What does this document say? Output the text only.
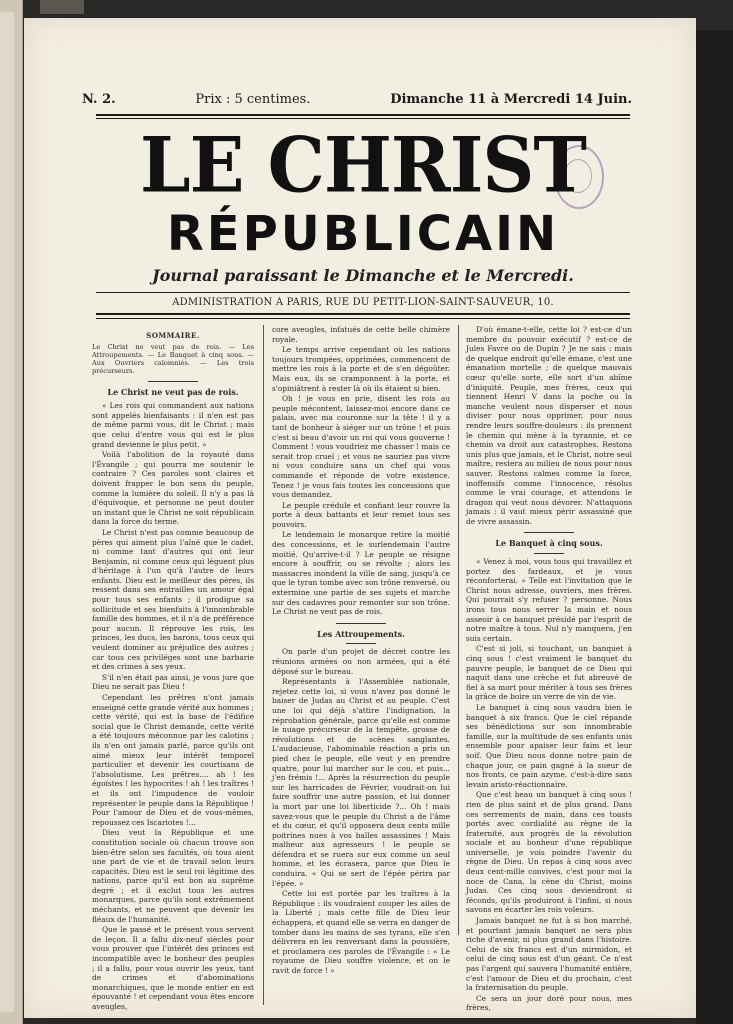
N. 2.	Prix : 5 centimes.	Dimanche 11 à Mercredi 14 Juin.
LE CHRIST
RÉPUBLICAIN
Journal paraissant le Dimanche et le Mercredi.
ADMINISTRATION A PARIS, RUE DU PETIT-LION-SAINT-SAUVEUR, 10.
SOMMAIRE.

Le Christ ne veut pas de rois. — Les Attroupements. — Le Banquet à cinq sous. — Aux Ouvriers calomniés. — Les trois précurseurs.

Le Christ ne veut pas de rois.

« Les rois qui commandent aux nations sont appelés bienfaisants : il n'en est pas de même parmi vous, dit le Christ ; mais que celui d'entre vous qui est le plus grand devienne le plus petit. »

Voilà l'abolition de la royauté dans l'Évangile ; qui pourra me soutenir le contraire ? Ces paroles sont claires et doivent frapper le bon sens du peuple, comme la lumière du soleil. Il n'y a pas là d'équivoque, et personne ne peut douter un instant que le Christ ne soit républicain dans la force du terme.

Le Christ n'est pas comme beaucoup de pères qui aiment plus l'aîné que le cadet, ni comme tant d'autres qui ont leur Benjamin, ni comme ceux qui lèguent plus d'héritage à l'un qu'à l'autre de leurs enfants. Dieu est le meilleur des pères, ils ressent dans ses entrailles un amour égal pour tous ses enfants ; il prodigue sa sollicitude et ses bienfaits à l'innombrable famille des hommes, et il n'a de préférence pour aucun. Il réprouve les rois, les princes, les ducs, les barons, tous ceux qui veulent dominer au préjudice des autres ; car tous ces priviléges sont une barbarie et des crimes à ses yeux.

S'il n'en était pas ainsi, je vous jure que Dieu ne serait pas Dieu !

Cependant les prêtres n'ont jamais enseigné cette grande vérité aux hommes ; cette vérité, qui est la base de l'édifice social que le Christ demande, cette vérité a été toujours méconnue par les calotins ; ils n'en ont jamais parlé, parce qu'ils ont aimé mieux leur intérêt temporel particulier et devenir les courtisans de l'absolutisme. Les prêtres.... ah ! les égoïstes ! les hypocrites ! ah ! les traîtres ! et ils ont l'impudence de vouloir représenter le peuple dans la République ! Pour l'amour de Dieu et de vous-mêmes, repoussez ces Iscariotes !...

Dieu veut la République et une constitution sociale où chacun trouve son bien-être selon ses facultés, où tous aient une part de vie et de travail selon leurs capacités. Dieu est le seul roi légitime des nations, parce qu'il est bon au suprême degré ; et il exclut tous les autres monarques, parce qu'ils sont extrêmement méchants, et ne peuvent que devenir les fléaux de l'humanité.

Que le passé et le présent vous servent de leçon. Il a fallu dix-neuf siècles pour vous prouver que l'intérêt des princes est incompatible avec le bonheur des peuples ; il a fallu, pour vous ouvrir les yeux, tant de crimes et d'abominations monarchiques, que le monde entier en est épouvanté ! et cependant vous êtes encore aveugles,

core aveugles, infatués de cette belle chimère royale.

Le temps arrive cependant où les nations toujours trompées, opprimées, commencent de mettre les rois à la porte et de s'en dégoûter. Mais eux, ils se cramponnent à la porte, et s'opiniâtrent à rester là où ils étaient si bien.

Oh ! je vous en prie, disent les rois au peuple mécontent, laissez-moi encore dans ce palais, avec ma couronne sur la tête ! il y a tant de bonheur à siéger sur un trône ! et puis c'est si beau d'avoir un roi qui vous gouverne ! Comment ! vous voudriez me chasser ! mais ce serait trop cruel ; et vous ne sauriez pas vivre ni vous conduire sans un chef qui vous commande et réponde de votre existence. Tenez ! je vous fais toutes les concessions que vous demandez.

Le peuple crédule et confiant leur rouvre la porte à deux battants et leur remet tous ses pouvoirs.

Le lendemain le monarque retire la moitié des concessions, et le surlendemain l'autre moitié. Qu'arrive-t-il ? Le peuple se résigne encore à souffrir, ou se révolte ; alors les massacres inondent la ville de sang, jusqu'à ce que le tyran tombe avec son trône renversé, ou extermine une partie de ses sujets et marche sur des cadavres pour remonter sur son trône. Le Christ ne veut pas de rois.

Les Attroupements.

On parle d'un projet de décret contre les réunions armées ou non armées, qui a été déposé sur le bureau.

Représentants à l'Assemblée nationale, rejetez cette loi, si vous n'avez pas donné le baiser de Judas au Christ et au peuple. C'est une loi qui déjà s'attire l'indignation, la réprobation générale, parce qu'elle est comme le nuage précurseur de la tempête, grosse de révolutions et de scènes sanglantes. L'audacieuse, l'abominable réaction a pris un pied chez le peuple, elle veut y en prendre quatre, pour lui marcher sur le cou, et puis... j'en frémis !... Après la résurrection du peuple sur les barricades de Février, voudrait-on lui faire souffrir une autre passion, et lui donner la mort par une loi liberticide ?... Oh ! mais savez-vous que le peuple du Christ a de l'âme et du cœur, et qu'il opposera deux cents mille poitrines nues à vos balles assassines ! Mais malheur aux agresseurs ! le peuple se défendra et se ruera sur eux comme un seul homme, et les écrasera, parce que Dieu le conduira. « Qui se sert de l'épée périra par l'épée. »

Cette loi est portée par les traîtres à la République : ils voudraient couper les ailes de la Liberté ; mais cette fille de Dieu leur échappera, et quand elle se verra en danger de tomber dans les mains de ses tyrans, elle s'en délivrera en les renversant dans la poussière, et proclamera ces paroles de l'Évangile : « Le royaume de Dieu souffre violence, et on le ravit de force ! »

D'où émane-t-elle, cette loi ? est-ce d'un membre du pouvoir exécutif ? est-ce de Jules Favre ou de Dupin ? Je ne sais : mais de quelque endroit qu'elle émane, c'est une émanation mortelle ; de quelque mauvais cœur qu'elle sorte, elle sort d'un abîme d'iniquité. Peuple, mes frères, ceux qui tiennent Henri V dans la poche ou la manche veulent nous disperser et nous diviser pour nous opprimer, pour nous rendre leurs souffre-douleurs : ils prennent le chemin qui mène à la tyrannie, et ce chemin va droit aux catastrophes. Restons unis plus que jamais, et le Christ, notre seul maître, restera au milieu de nous pour nous sauver. Restons calmes comme la force, inoffensifs comme l'innocence, résolus comme le vrai courage, et attendons le dragon qui veut nous dévorer. N'attaquons jamais : il vaut mieux périr assassiné que de vivre assassin.

Le Banquet à cinq sous.

« Venez à moi, vous tous qui travaillez et portez des fardeaux, et je vous réconforterai. » Telle est l'invitation que le Christ nous adresse, ouvriers, mes frères. Qui pourrait s'y refuser ? personne. Nous irons tous nous serrer la main et nous asseoir à ce banquet présidé par l'esprit de notre maître à tous. Nul n'y manquera, j'en suis certain.

C'est si joli, si touchant, un banquet à cinq sous ! c'est vraiment le banquet du pauvre peuple, le banquet de ce Dieu qui naquit dans une crèche et fut abreuvé de fiel à sa mort pour mériter à tous ses frères la grâce de boire un verre de vin de vie.

Le banquet à cinq sous vaudra bien le banquet à six francs. Que le ciel répande ses bénédictions sur son innombrable famille, sur la multitude de ses enfants unis ensemble pour apaiser leur faim et leur soif. Que Dieu nous donne notre pain de chaque jour, ce pain gagné à la sueur de nos fronts, ce pain azyme, c'est-à-dire sans levain aristo-réactionnaire.

Que c'est beau un banquet à cinq sous ! rien de plus saint et de plus grand. Dans ces serrements de main, dans ces toasts portés avec cordialité au règne de la fraternité, aux progrès de la révolution sociale et au bonheur d'une république universelle, je vois poindre l'avenir du règne de Dieu. Un repas à cinq sous avec deux cent-mille convives, c'est pour moi la noce de Cana, la cène du Christ, moins Judas. Ces cinq sous deviendront si féconds, qu'ils produiront à l'infini, si nous savons en écarter les rois voleurs.

Jamais banquet ne fut à si bon marché, et pourtant jamais banquet ne sera plus riche d'avenir, ni plus grand dans l'histoire. Celui de six francs est d'un mirmidon, et celui de cinq sous est d'un géant. Ce n'est pas l'argent qui sauvera l'humanité entière, c'est l'amour de Dieu et du prochain, c'est la fraternisation du peuple.

Ce sera un jour doré pour nous, mes frères,
